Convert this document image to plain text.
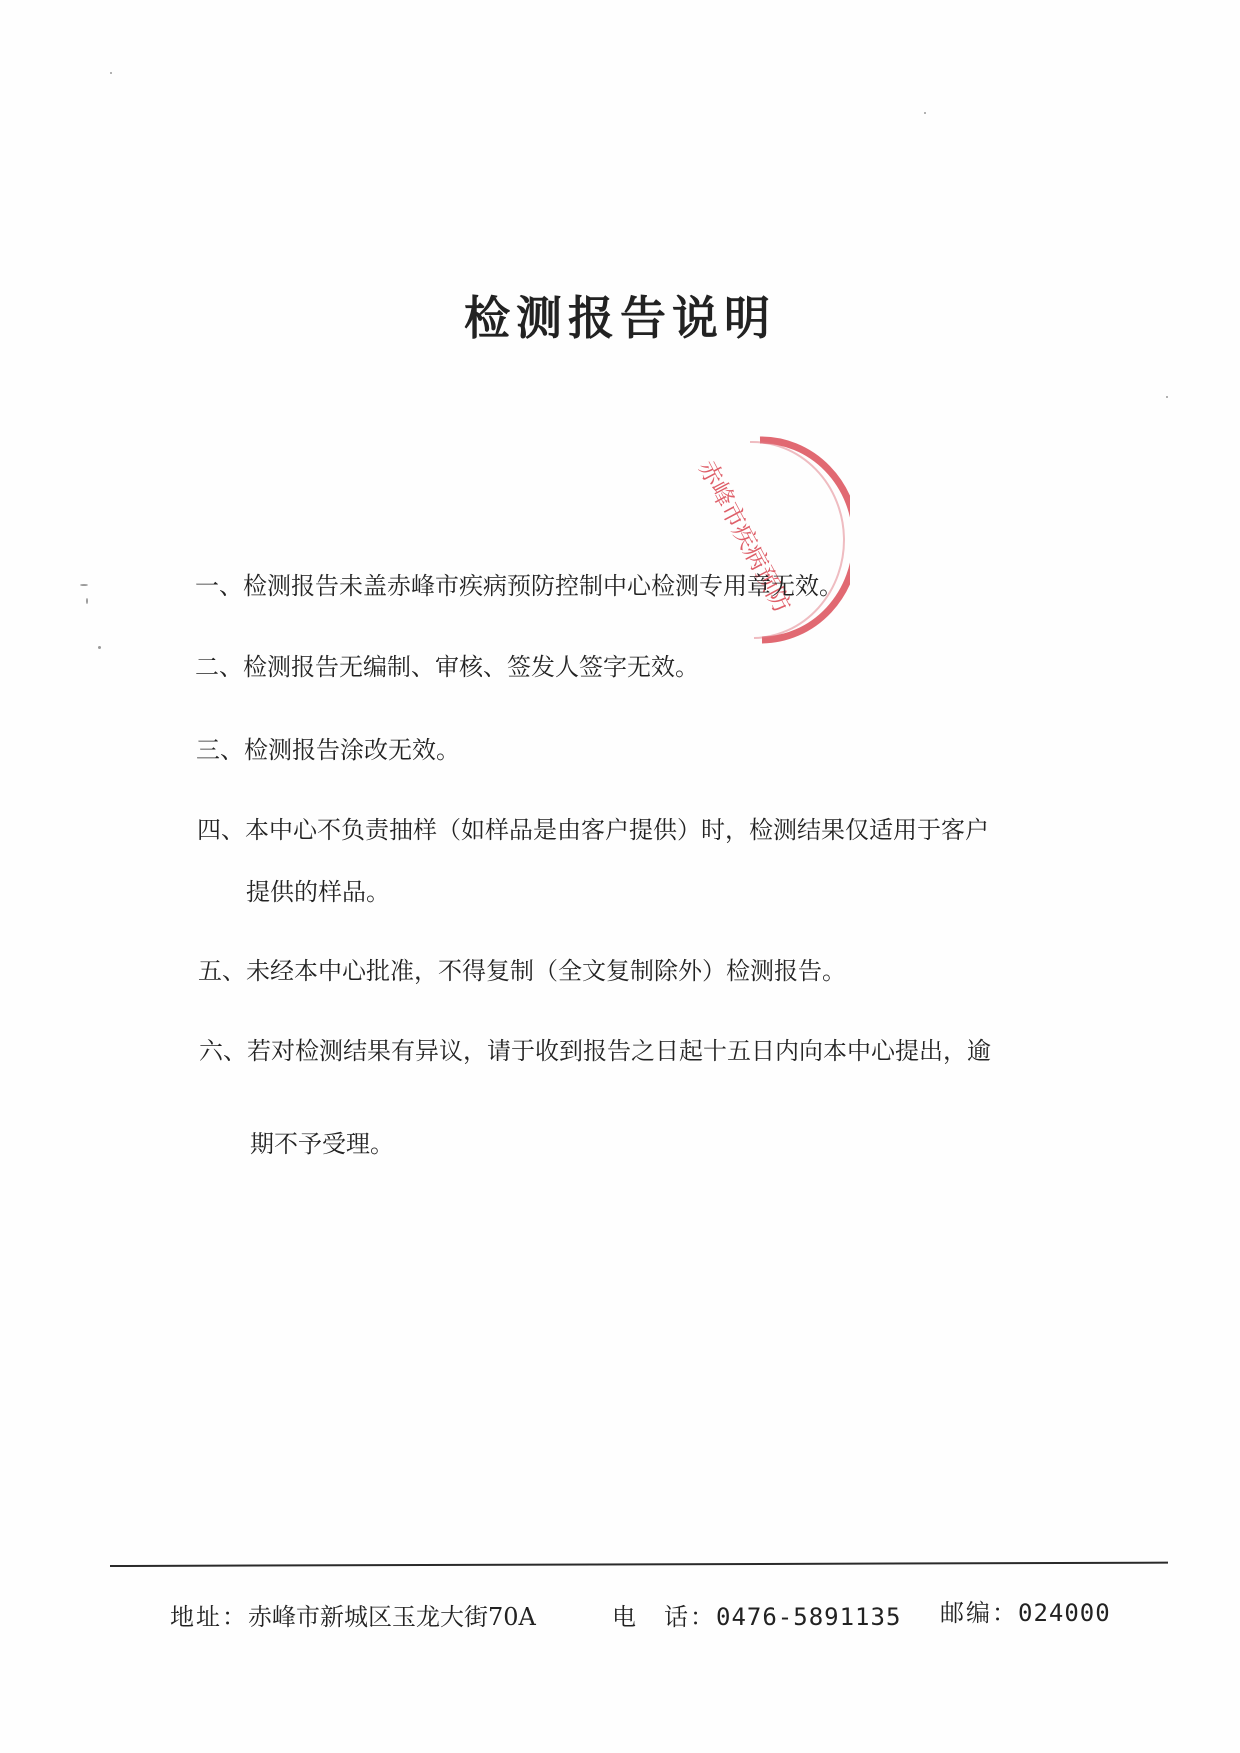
检测报告说明
赤峰市疾病预防
一、检测报告未盖赤峰市疾病预防控制中心检测专用章无效。
二、检测报告无编制、审核、签发人签字无效。
三、检测报告涂改无效。
四、本中心不负责抽样（如样品是由客户提供）时，检测结果仅适用于客户
提供的样品。
五、未经本中心批准，不得复制（全文复制除外）检测报告。
六、若对检测结果有异议，请于收到报告之日起十五日内向本中心提出，逾
期不予受理。
地址：赤峰市新城区玉龙大街70A	电　话：0476-5891135 邮编：024000
